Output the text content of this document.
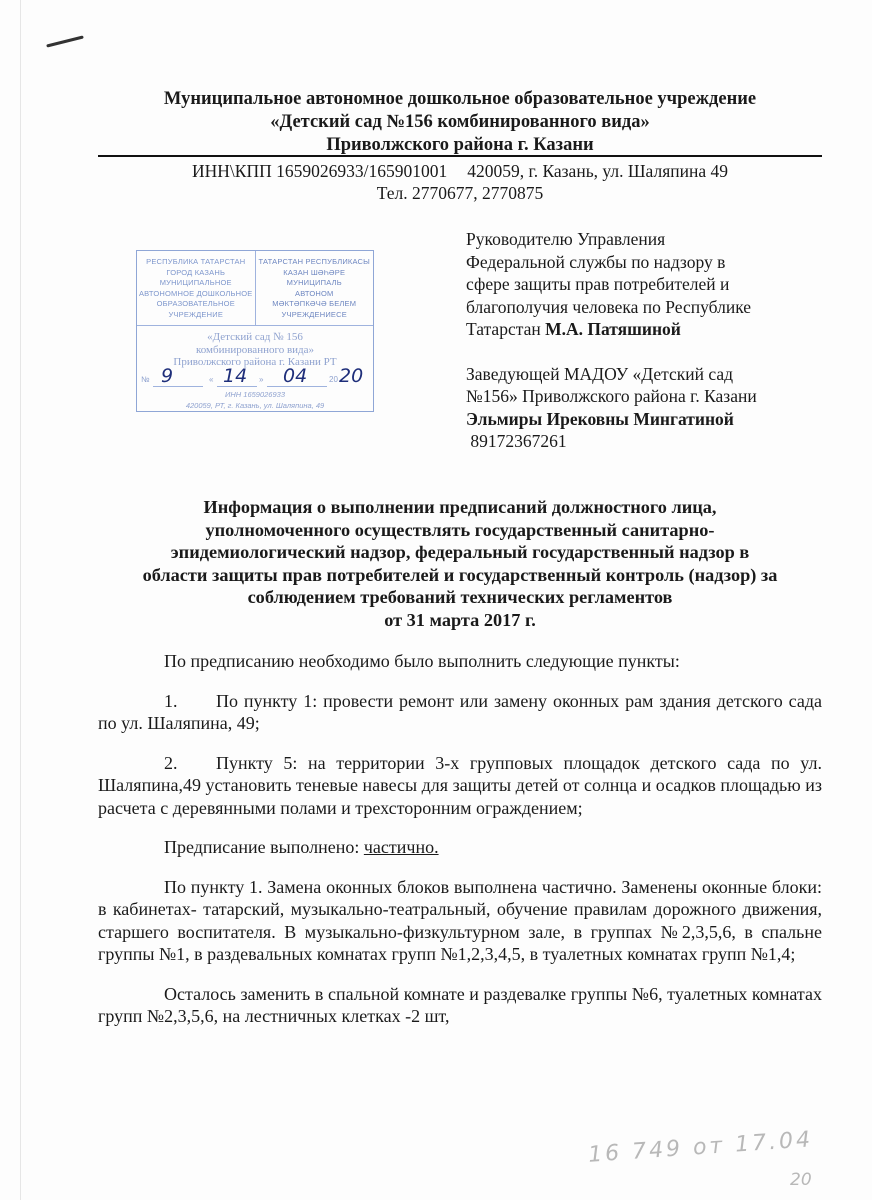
Муниципальное автономное дошкольное образовательное учреждение
«Детский сад №156 комбинированного вида»
Приволжского района г. Казани
ИНН\КПП 1659026933/165901001 420059, г. Казань, ул. Шаляпина 49
Тел. 2770677, 2770875
РЕСПУБЛИКА ТАТАРСТАН
ГОРОД КАЗАНЬ
МУНИЦИПАЛЬНОЕ
АВТОНОМНОЕ ДОШКОЛЬНОЕ
ОБРАЗОВАТЕЛЬНОЕ
УЧРЕЖДЕНИЕ
ТАТАРСТАН РЕСПУБЛИКАСЫ
КАЗАН ШӘҺӘРЕ
МУНИЦИПАЛЬ
АВТОНОМ
МӘКТӘПКӘЧӘ БЕЛЕМ
УЧРЕЖДЕНИЕСЕ
«Детский сад № 156
комбинированного вида»
Приволжского района г. Казани РТ
№ 9	« 14 » 04	20 20
ИНН 1659026933
420059, РТ, г. Казань, ул. Шаляпина, 49
Руководителю Управления
Федеральной службы по надзору в
сфере защиты прав потребителей и
благополучия человека по Республике
Татарстан М.А. Патяшиной
Заведующей МАДОУ «Детский сад
№156» Приволжского района г. Казани
Эльмиры Ирековны Мингатиной
89172367261
Информация о выполнении предписаний должностного лица,
уполномоченного осуществлять государственный санитарно-
эпидемиологический надзор, федеральный государственный надзор в
области защиты прав потребителей и государственный контроль (надзор) за
соблюдением требований технических регламентов
от 31 марта 2017 г.

По предписанию необходимо было выполнить следующие пункты:

1. По пункту 1: провести ремонт или замену оконных рам здания детского сада по ул. Шаляпина, 49;

2. Пункту 5: на территории 3-х групповых площадок детского сада по ул. Шаляпина,49 установить теневые навесы для защиты детей от солнца и осадков площадью из расчета с деревянными полами и трехсторонним ограждением;

Предписание выполнено: частично.

По пункту 1. Замена оконных блоков выполнена частично. Заменены оконные блоки: в кабинетах- татарский, музыкально-театральный, обучение правилам дорожного движения, старшего воспитателя. В музыкально-физкультурном зале, в группах №2,3,5,6, в спальне группы №1, в раздевальных комнатах групп №1,2,3,4,5, в туалетных комнатах групп №1,4;

Осталось заменить в спальной комнате и раздевалке группы №6, туалетных комнатах групп №2,3,5,6, на лестничных клетках -2 шт,

16 749 от 17.04
20
